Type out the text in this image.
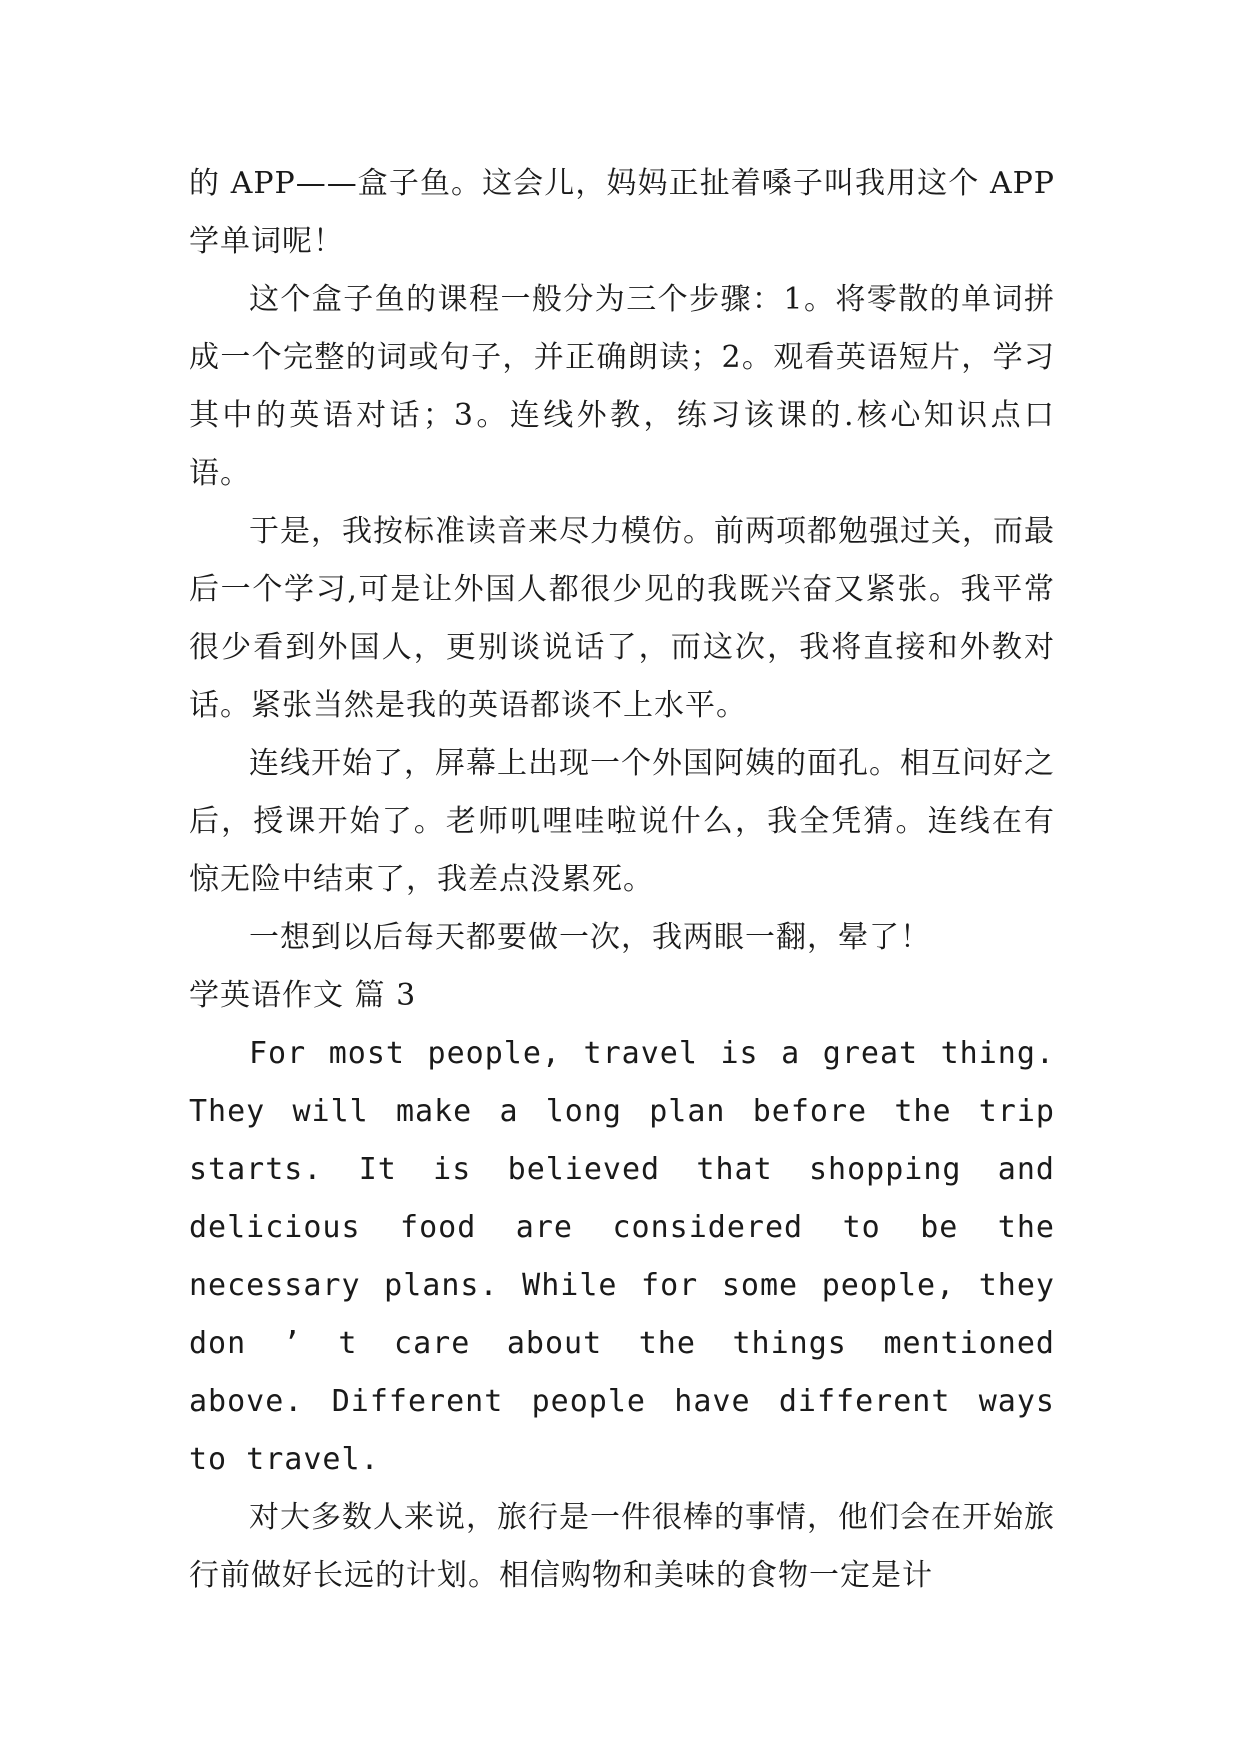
的 APP——盒子鱼。这会儿，妈妈正扯着嗓子叫我用这个 APP 学单词呢！

这个盒子鱼的课程一般分为三个步骤：1。将零散的单词拼成一个完整的词或句子，并正确朗读；2。观看英语短片，学习其中的英语对话；3。连线外教，练习该课的.核心知识点口语。

于是，我按标准读音来尽力模仿。前两项都勉强过关，而最后一个学习,可是让外国人都很少见的我既兴奋又紧张。我平常很少看到外国人，更别谈说话了，而这次，我将直接和外教对话。紧张当然是我的英语都谈不上水平。

连线开始了，屏幕上出现一个外国阿姨的面孔。相互问好之后，授课开始了。老师叽哩哇啦说什么，我全凭猜。连线在有惊无险中结束了，我差点没累死。

一想到以后每天都要做一次，我两眼一翻，晕了！

学英语作文 篇 3

For most people, travel is a great thing. They will make a long plan before the trip starts. It is believed that shopping and delicious food are considered to be the necessary plans. While for some people, they don ’ t care about the things mentioned above. Different people have different ways to travel.

对大多数人来说，旅行是一件很棒的事情，他们会在开始旅行前做好长远的计划。相信购物和美味的食物一定是计
